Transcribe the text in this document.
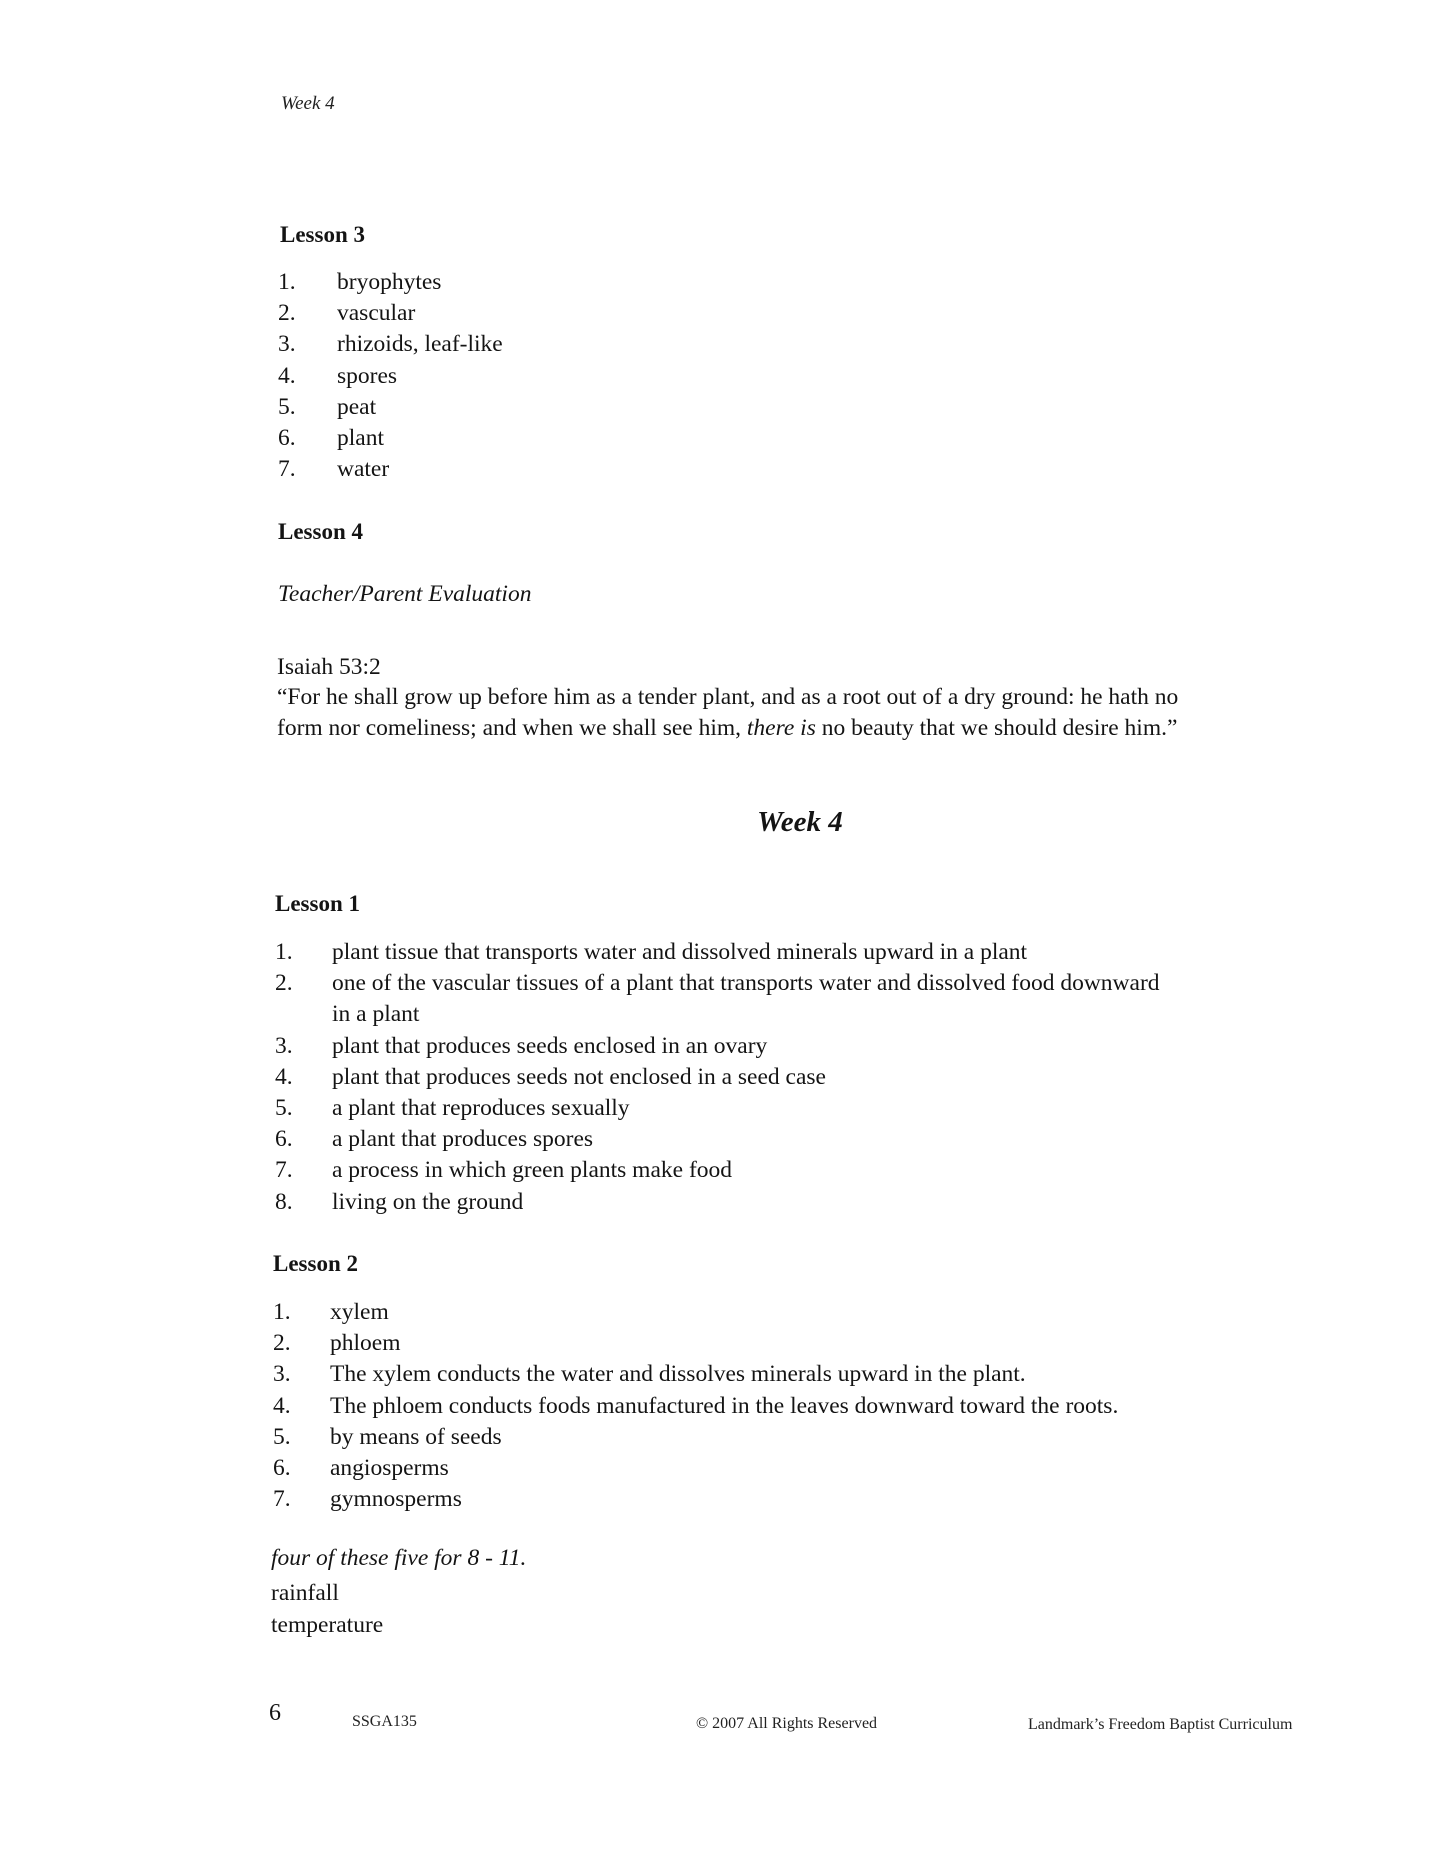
Week 4
Lesson 3
1. bryophytes
2. vascular
3. rhizoids, leaf-like
4. spores
5. peat
6. plant
7. water
Lesson 4
Teacher/Parent Evaluation
Isaiah 53:2
“For he shall grow up before him as a tender plant, and as a root out of a dry ground: he hath no
form nor comeliness; and when we shall see him, there is no beauty that we should desire him.”
Week 4
Lesson 1
1. plant tissue that transports water and dissolved minerals upward in a plant
2. one of the vascular tissues of a plant that transports water and dissolved food downward
in a plant
3. plant that produces seeds enclosed in an ovary
4. plant that produces seeds not enclosed in a seed case
5. a plant that reproduces sexually
6. a plant that produces spores
7. a process in which green plants make food
8. living on the ground
Lesson 2
1. xylem
2. phloem
3. The xylem conducts the water and dissolves minerals upward in the plant.
4. The phloem conducts foods manufactured in the leaves downward toward the roots.
5. by means of seeds
6. angiosperms
7. gymnosperms
four of these five for 8 - 11.
rainfall
temperature
6	SSGA135	© 2007 All Rights Reserved	Landmark’s Freedom Baptist Curriculum
